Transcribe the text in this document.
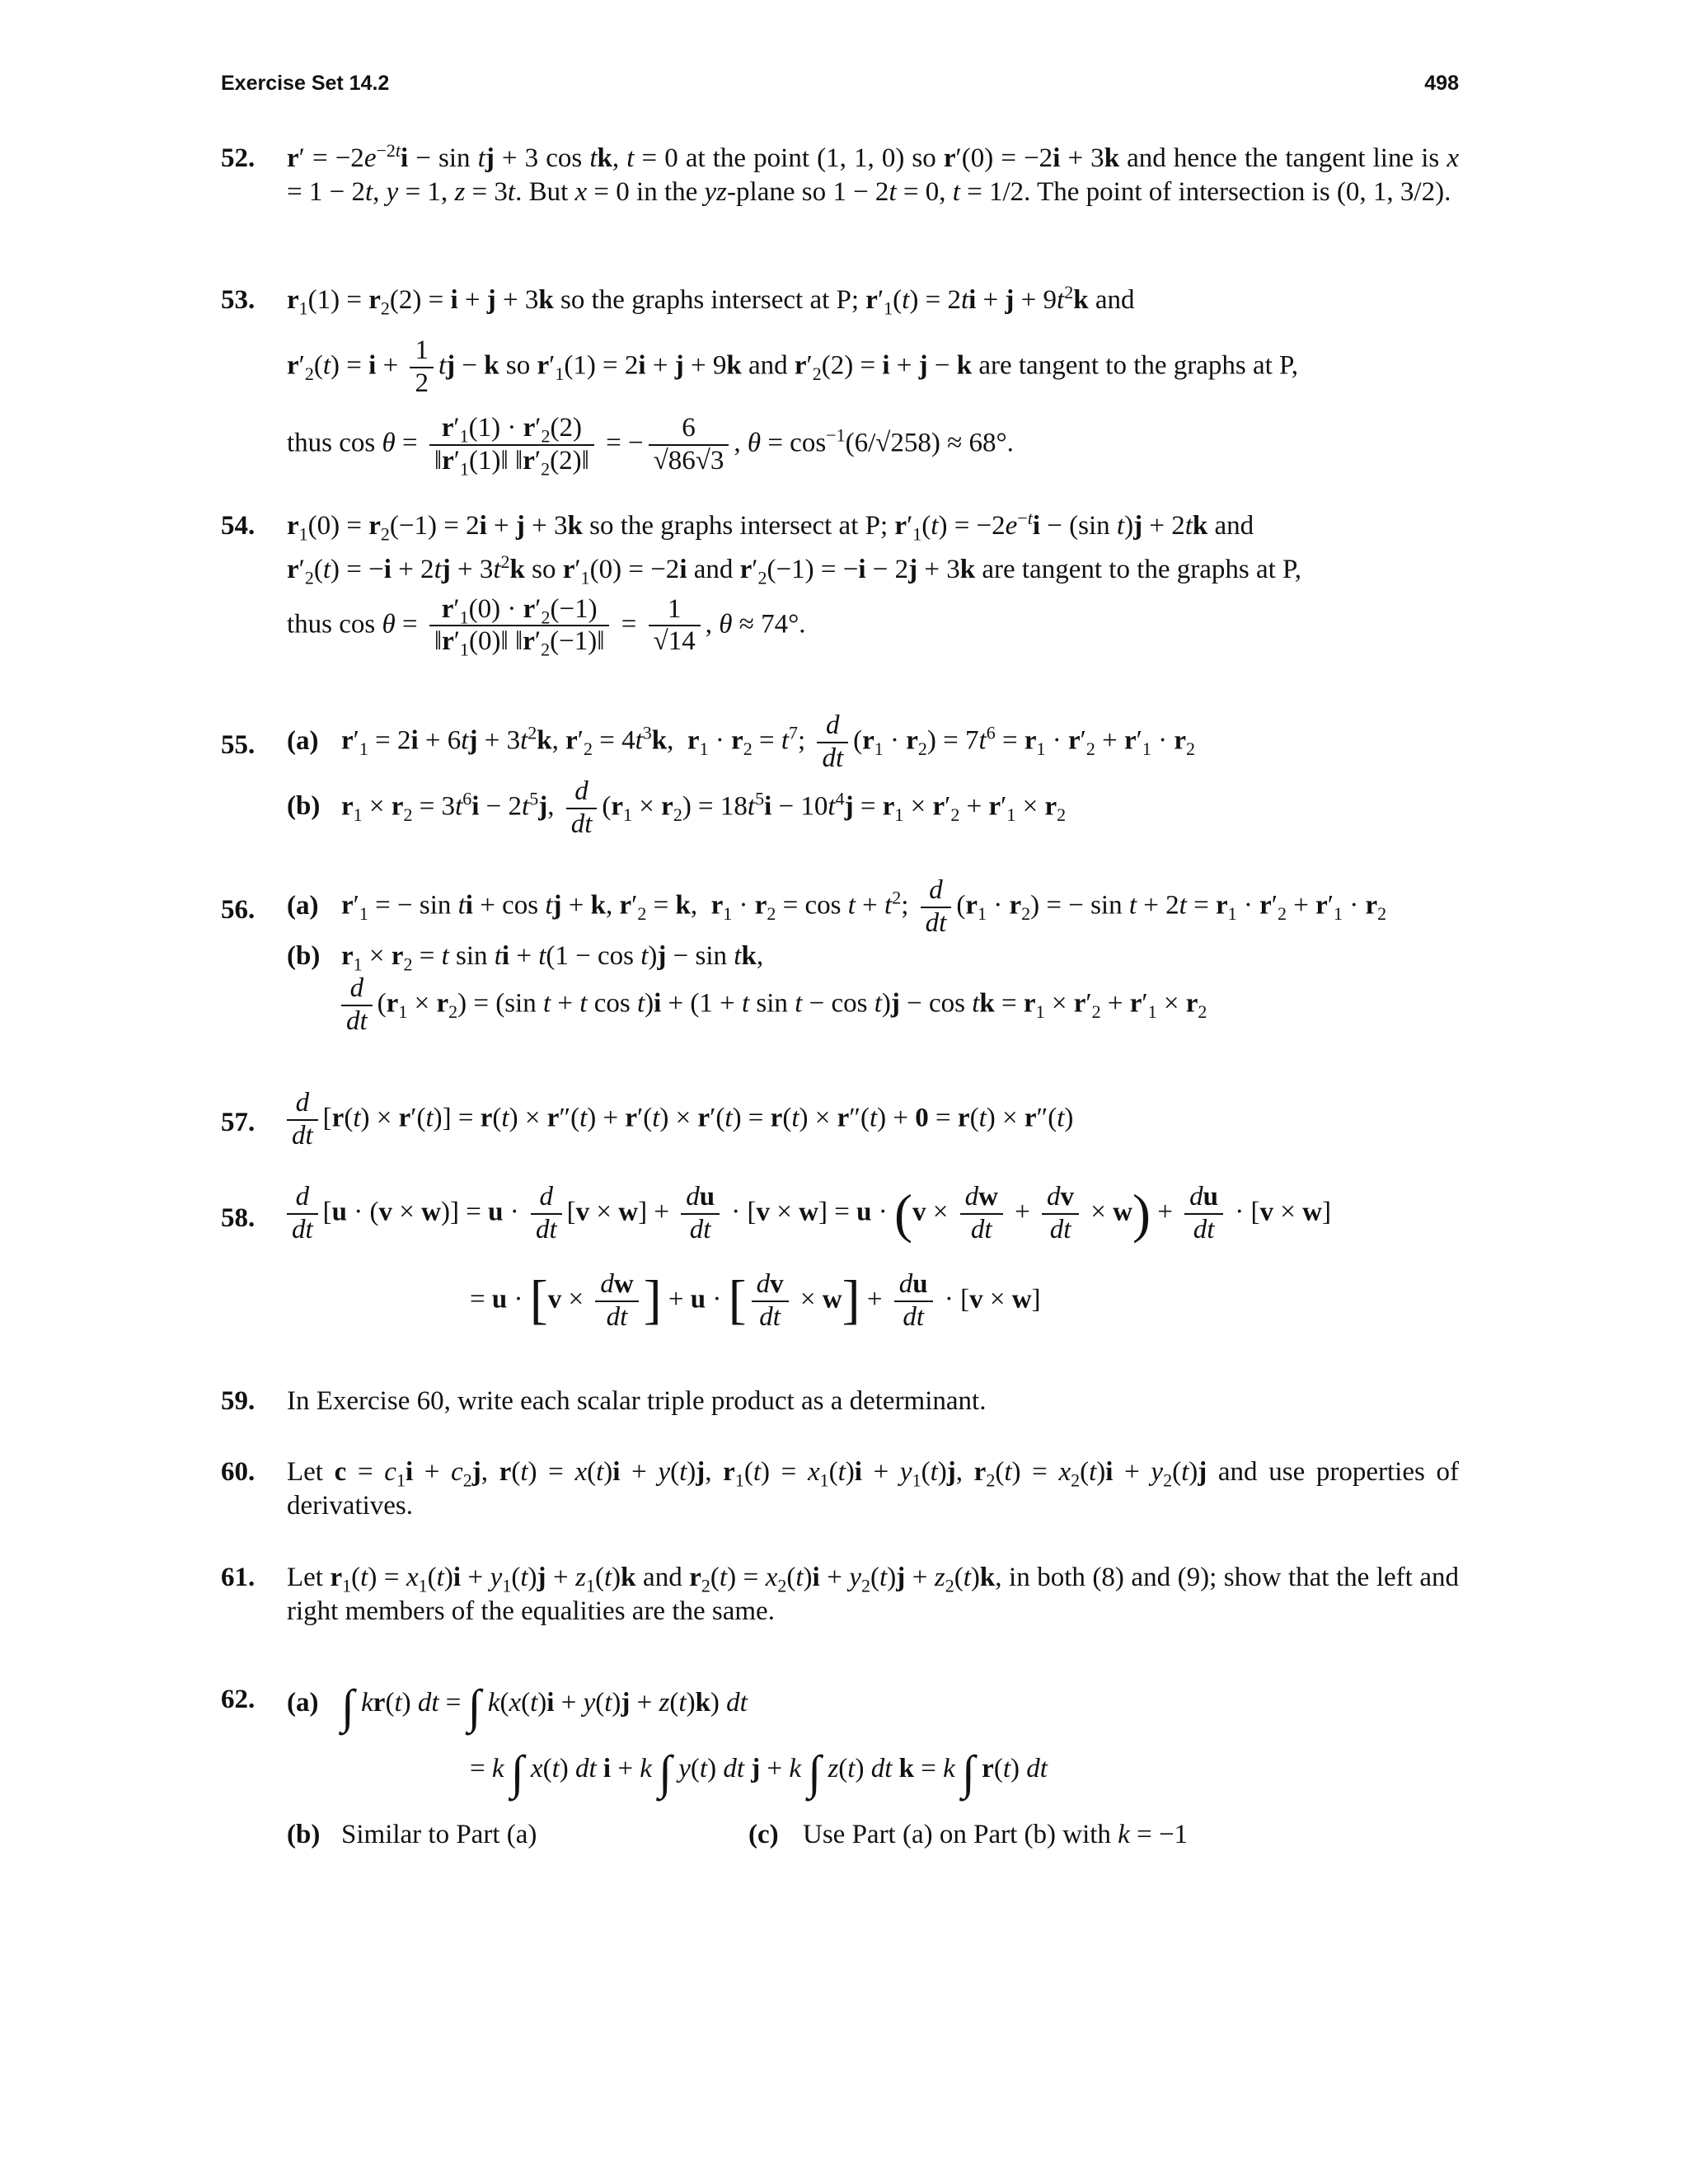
Exercise Set 14.2	498
52.	$r' = -2e^{-2t}i - \sin$ tj + 3 cos tk, t = 0 at the point (1, 1, 0) so r′(0) = −2i + 3k and hence the tangent line is x = 1 − 2t, y = 1, z = 3t. But x = 0 in the yz-plane so 1 − 2t = 0, t = 1/2. The point of intersection is (0, 1, 3/2).
53.	$r_1(1) = r_2(2) = i + j + 3k$ so the graphs intersect at P; $r'_1(t) = 2ti + j + 9t^2k$ and
$r'_2(t) = i + \frac{1}{2}$ tj − k so $r'_1(1) = 2i + j + 9k$ and $r'_2(2) = i + j - k$ are tangent to the graphs at P,
thus $\cos \theta = \frac{r'_1(1) \cdot r'_2(2)}{‖r'_1(1)‖ ‖r'_2(2)‖}$ = − $\frac{6}{√86√3}$ , $\theta = \cos^{-1}(6/√258) \approx 68^\circ$.
54.	$r_1(0) = r_2(-1) = 2i + j + 3k$ so the graphs intersect at P; $r'_1(t) = -2e^{-t}i - (\sin$ t)j + 2tk and
$r'_2(t) = -i + 2tj + 3t^2k$ so $r'_1(0) = -2i$ and $r'_2(-1) = -i - 2j + 3k$ are tangent to the graphs at P,
thus $\cos \theta = \frac{r'_1(0) \cdot r'_2(-1)}{‖r'_1(0)‖ ‖r'_2(-1)‖} = \frac{1}{√14}$ , θ ≈ 74°.
55.	(a) $r'_1 = 2i + 6tj + 3t^2k$, $r'_2 = 4t^3k$,  $r_1 \cdot r_2 = t^7$; $\frac{d}{dt} (r_1 \cdot r_2) = 7t^6 = r_1 \cdot r'_2 + r'_1 \cdot r_2$
(b) $r_1 \times r_2 = 3t^6i - 2t^5j$, $\frac{d}{dt} (r_1 \times r_2) = 18t^5i - 10t^4j = r_1 \times r'_2 + r'_1 \times r_2$
56.	(a) $r'_1$ = − sin ti + cos tj + k, $r'_2 = k$,  $r_1 \cdot r_2 = \cos t + t^2$; $\frac{d}{dt} (r_1 \cdot r_2)$ = − $\sin t + 2t = r_1 \cdot r'_2 + r'_1 \cdot r_2$
(b) $r_1 \times r_2 = t$ sin ti + t(1 − cos t)j − sin tk,
$\frac{d}{dt} (r_1 \times r_2) = (\sin$ t + t cos t)i + (1 + t sin t − cos t)j − cos tk = $r_1 \times r'_2 + r'_1 \times r_2$
57.	$\frac{d}{dt} [r(t) \times r'(t)] = r(t) \times r''(t) + r'(t) \times r'(t) = r(t) \times r''(t) + 0 = r(t) \times r''(t)$
58.	$\frac{d}{dt} [u \cdot (v \times w)] = u \cdot \frac{d}{dt} [v \times w] + \frac{du}{dt} \cdot [v \times w] = u \cdot (v \times \frac{dw}{dt} + \frac{dv}{dt} \times w) + \frac{du}{dt} \cdot [v \times w]$
= $u \cdot [v \times \frac{dw}{dt}$ ] + u · [ $\frac{dv}{dt} \times w] + \frac{du}{dt} \cdot [v \times w]$
59.	In Exercise 60, write each scalar triple product as a determinant.
60.	Let $c = c_1i + c_2j$, r(t) = x(t)i + y(t)j, $r_1(t) = x_1(t)i + y_1(t)j$, $r_2(t) = x_2(t)i + y_2(t)j$ and use properties of derivatives.
61.	Let $r_1(t) = x_1(t)i + y_1(t)j + z_1(t)k$ and $r_2(t) = x_2(t)i + y_2(t)j + z_2(t)k$, in both (8) and (9); show that the left and right members of the equalities are the same.
62.	(a) ∫ kr(t) dt = ∫ k(x(t)i + y(t)j + z(t)k) dt
= k ∫ x(t) dt i + k ∫ y(t) dt j + k ∫ z(t) dt k = k ∫ r(t) dt
(b) Similar to Part (a)	(c) Use Part (a) on Part (b) with k = −1
